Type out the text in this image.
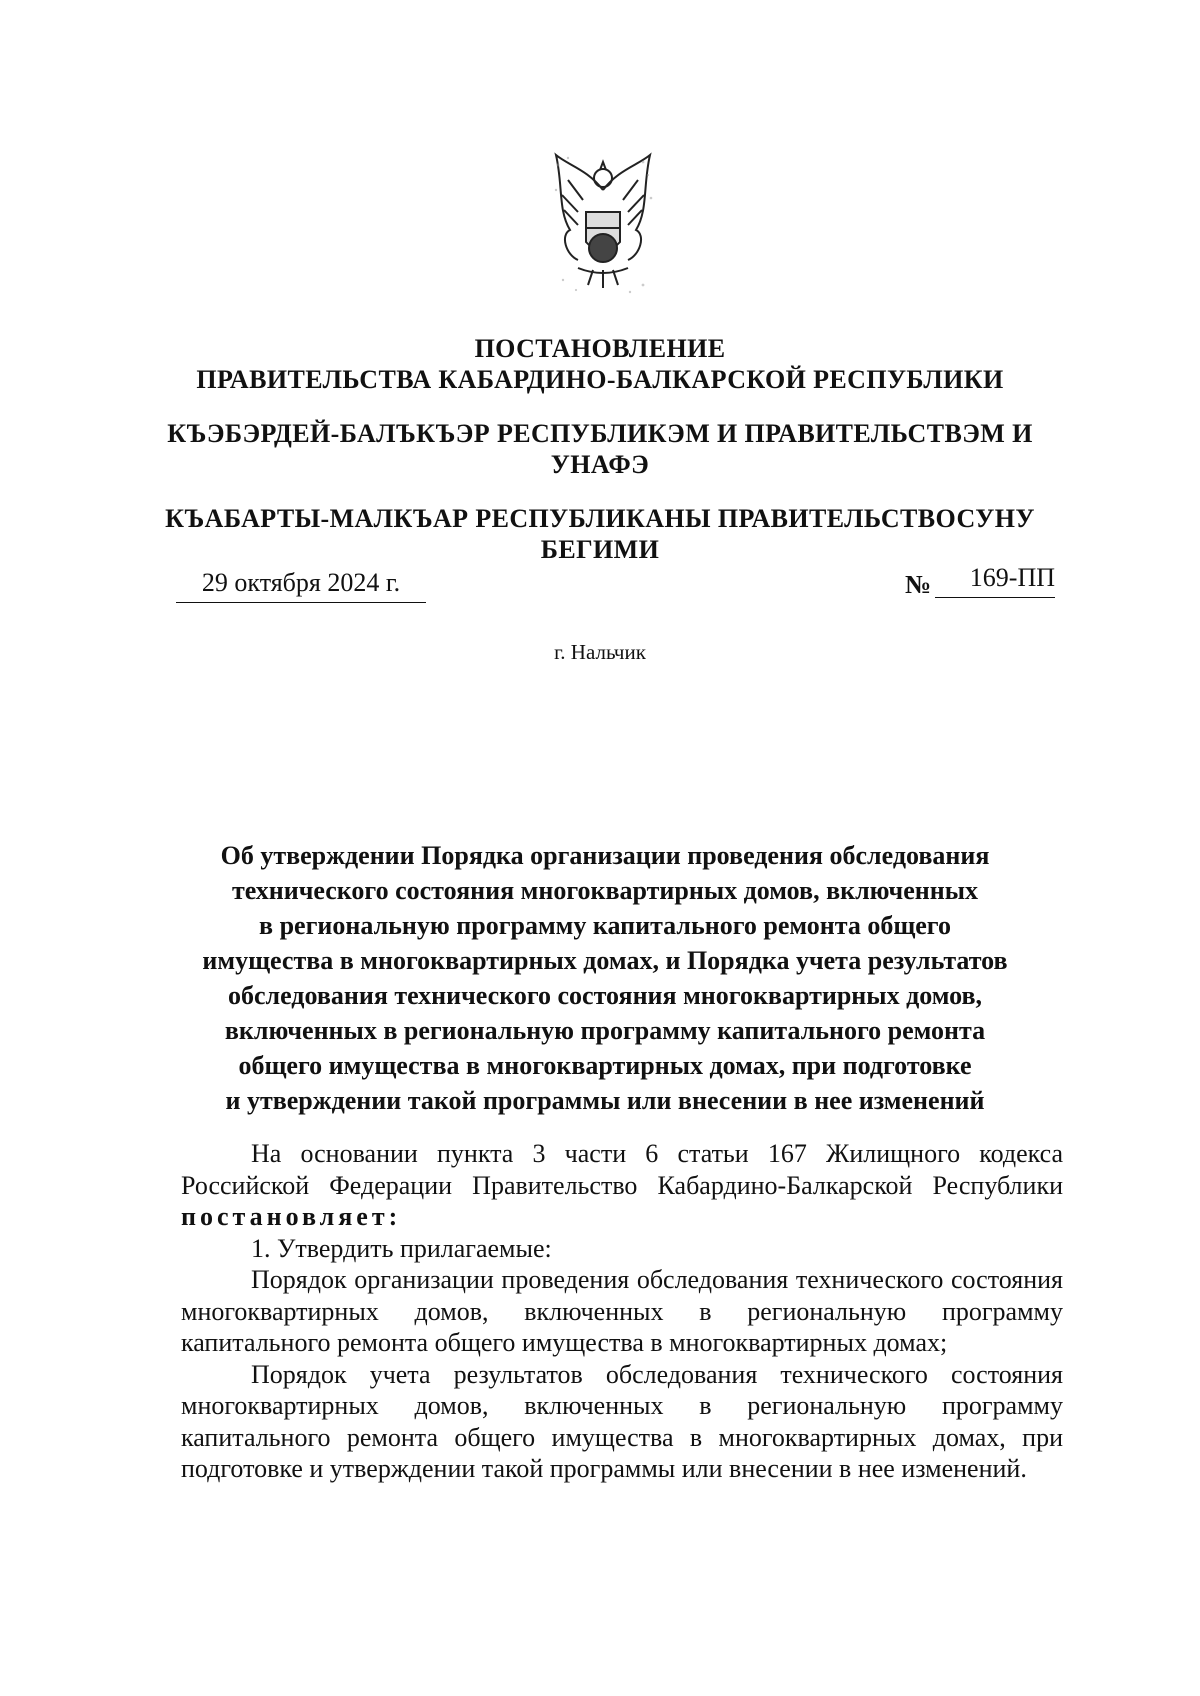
ПОСТАНОВЛЕНИЕ
ПРАВИТЕЛЬСТВА КАБАРДИНО-БАЛКАРСКОЙ РЕСПУБЛИКИ
КЪЭБЭРДЕЙ-БАЛЪКЪЭР РЕСПУБЛИКЭМ И ПРАВИТЕЛЬСТВЭМ И
УНАФЭ
КЪАБАРТЫ-МАЛКЪАР РЕСПУБЛИКАНЫ ПРАВИТЕЛЬСТВОСУНУ
БЕГИМИ
29 октября 2024 г.	№	169-ПП
г. Нальчик
Об утверждении Порядка организации проведения обследования
технического состояния многоквартирных домов, включенных
в региональную программу капитального ремонта общего
имущества в многоквартирных домах, и Порядка учета результатов
обследования технического состояния многоквартирных домов,
включенных в региональную программу капитального ремонта
общего имущества в многоквартирных домах, при подготовке
и утверждении такой программы или внесении в нее изменений

На основании пункта 3 части 6 статьи 167 Жилищного кодекса Российской Федерации Правительство Кабардино-Балкарской Республики постановляет:

1. Утвердить прилагаемые:

Порядок организации проведения обследования технического состояния многоквартирных домов, включенных в региональную программу капитального ремонта общего имущества в многоквартирных домах;

Порядок учета результатов обследования технического состояния многоквартирных домов, включенных в региональную программу капитального ремонта общего имущества в многоквартирных домах, при подготовке и утверждении такой программы или внесении в нее изменений.
